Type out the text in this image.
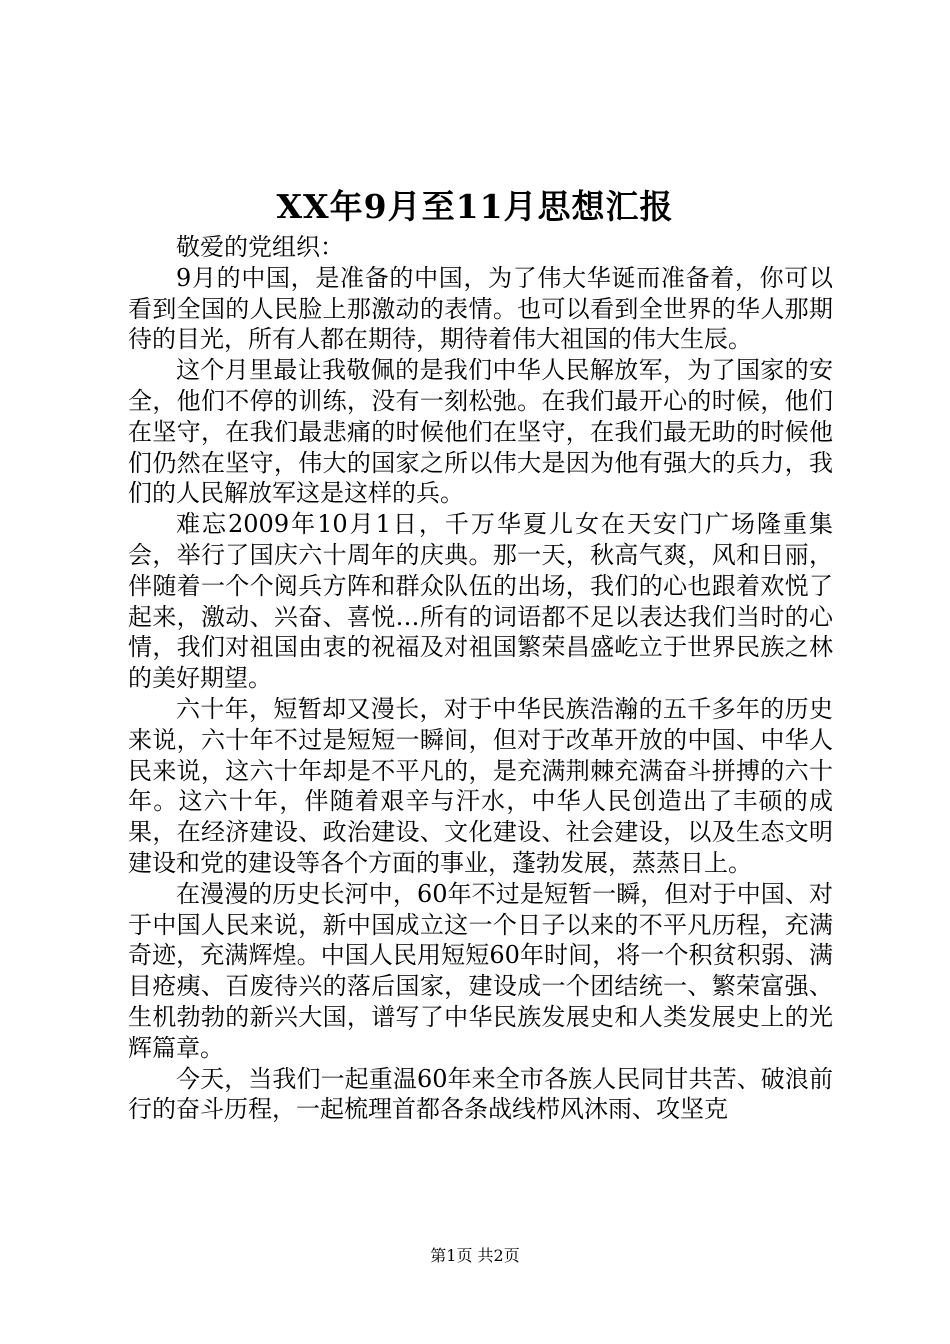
XX年9月至11月思想汇报

敬爱的党组织：

9月的中国，是准备的中国，为了伟大华诞而准备着，你可以看到全国的人民脸上那激动的表情。也可以看到全世界的华人那期待的目光，所有人都在期待，期待着伟大祖国的伟大生辰。

这个月里最让我敬佩的是我们中华人民解放军，为了国家的安全，他们不停的训练，没有一刻松弛。在我们最开心的时候，他们在坚守，在我们最悲痛的时候他们在坚守，在我们最无助的时候他们仍然在坚守，伟大的国家之所以伟大是因为他有强大的兵力，我们的人民解放军这是这样的兵。

难忘2009年10月1日，千万华夏儿女在天安门广场隆重集会，举行了国庆六十周年的庆典。那一天，秋高气爽，风和日丽，伴随着一个个阅兵方阵和群众队伍的出场，我们的心也跟着欢悦了起来，激动、兴奋、喜悦…所有的词语都不足以表达我们当时的心情，我们对祖国由衷的祝福及对祖国繁荣昌盛屹立于世界民族之林的美好期望。

六十年，短暂却又漫长，对于中华民族浩瀚的五千多年的历史来说，六十年不过是短短一瞬间，但对于改革开放的中国、中华人民来说，这六十年却是不平凡的，是充满荆棘充满奋斗拼搏的六十年。这六十年，伴随着艰辛与汗水，中华人民创造出了丰硕的成果，在经济建设、政治建设、文化建设、社会建设，以及生态文明建设和党的建设等各个方面的事业，蓬勃发展，蒸蒸日上。

在漫漫的历史长河中，60年不过是短暂一瞬，但对于中国、对于中国人民来说，新中国成立这一个日子以来的不平凡历程，充满奇迹，充满辉煌。中国人民用短短60年时间，将一个积贫积弱、满目疮痍、百废待兴的落后国家，建设成一个团结统一、繁荣富强、生机勃勃的新兴大国，谱写了中华民族发展史和人类发展史上的光辉篇章。

今天，当我们一起重温60年来全市各族人民同甘共苦、破浪前行的奋斗历程，一起梳理首都各条战线栉风沐雨、攻坚克

第1页 共2页
